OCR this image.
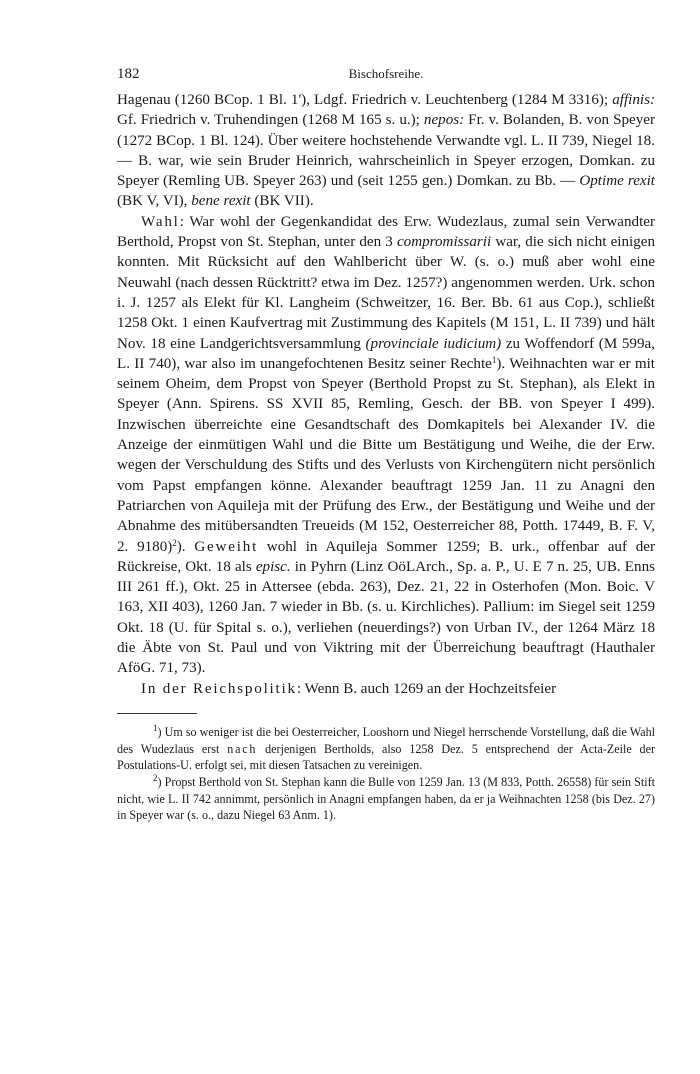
182	Bischofsreihe.

Hagenau (1260 BCop. 1 Bl. 1'), Ldgf. Friedrich v. Leuchtenberg (1284 M 3316); affinis: Gf. Friedrich v. Truhendingen (1268 M 165 s. u.); nepos: Fr. v. Bolanden, B. von Speyer (1272 BCop. 1 Bl. 124). Über weitere hochstehende Verwandte vgl. L. II 739, Niegel 18. — B. war, wie sein Bruder Heinrich, wahrscheinlich in Speyer erzogen, Domkan. zu Speyer (Remling UB. Speyer 263) und (seit 1255 gen.) Domkan. zu Bb. — Optime rexit (BK V, VI), bene rexit (BK VII).

Wahl: War wohl der Gegenkandidat des Erw. Wudezlaus, zumal sein Verwandter Berthold, Propst von St. Stephan, unter den 3 compromissarii war, die sich nicht einigen konnten. Mit Rücksicht auf den Wahlbericht über W. (s. o.) muß aber wohl eine Neuwahl (nach dessen Rücktritt? etwa im Dez. 1257?) angenommen werden. Urk. schon i. J. 1257 als Elekt für Kl. Langheim (Schweitzer, 16. Ber. Bb. 61 aus Cop.), schließt 1258 Okt. 1 einen Kaufvertrag mit Zustimmung des Kapitels (M 151, L. II 739) und hält Nov. 18 eine Landgerichtsversammlung (provinciale iudicium) zu Woffendorf (M 599a, L. II 740), war also im unangefochtenen Besitz seiner Rechte$^1$). Weihnachten war er mit seinem Oheim, dem Propst von Speyer (Berthold Propst zu St. Stephan), als Elekt in Speyer (Ann. Spirens. SS XVII 85, Remling, Gesch. der BB. von Speyer I 499). Inzwischen überreichte eine Gesandtschaft des Domkapitels bei Alexander IV. die Anzeige der einmütigen Wahl und die Bitte um Bestätigung und Weihe, die der Erw. wegen der Verschuldung des Stifts und des Verlusts von Kirchengütern nicht persönlich vom Papst empfangen könne. Alexander beauftragt 1259 Jan. 11 zu Anagni den Patriarchen von Aquileja mit der Prüfung des Erw., der Bestätigung und Weihe und der Abnahme des mitübersandten Treueids (M 152, Oesterreicher 88, Potth. 17449, B. F. V, 2. 9180)$^2$). Geweiht wohl in Aquileja Sommer 1259; B. urk., offenbar auf der Rückreise, Okt. 18 als episc. in Pyhrn (Linz OöLArch., Sp. a. P., U. E 7 n. 25, UB. Enns III 261 ff.), Okt. 25 in Attersee (ebda. 263), Dez. 21, 22 in Osterhofen (Mon. Boic. V 163, XII 403), 1260 Jan. 7 wieder in Bb. (s. u. Kirchliches). Pallium: im Siegel seit 1259 Okt. 18 (U. für Spital s. o.), verliehen (neuerdings?) von Urban IV., der 1264 März 18 die Äbte von St. Paul und von Viktring mit der Überreichung beauftragt (Hauthaler AföG. 71, 73).

In der Reichspolitik: Wenn B. auch 1269 an der Hochzeitsfeier

$^1$) Um so weniger ist die bei Oesterreicher, Looshorn und Niegel herrschende Vorstellung, daß die Wahl des Wudezlaus erst nach derjenigen Bertholds, also 1258 Dez. 5 entsprechend der Acta-Zeile der Postulations-U. erfolgt sei, mit diesen Tatsachen zu vereinigen.

$^2$) Propst Berthold von St. Stephan kann die Bulle von 1259 Jan. 13 (M 833, Potth. 26558) für sein Stift nicht, wie L. II 742 annimmt, persönlich in Anagni empfangen haben, da er ja Weihnachten 1258 (bis Dez. 27) in Speyer war (s. o., dazu Niegel 63 Anm. 1).
